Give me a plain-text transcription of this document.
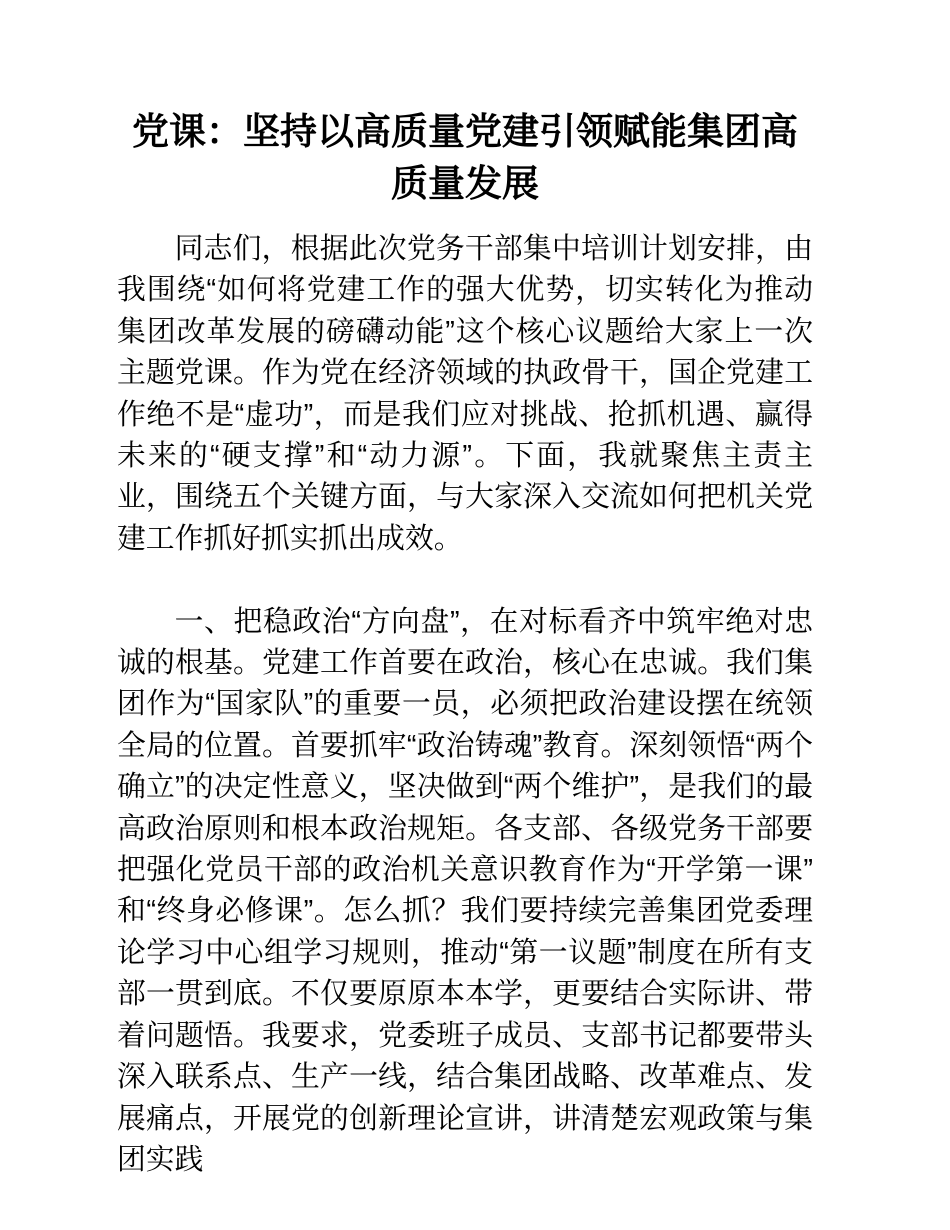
党课：坚持以高质量党建引领赋能集团高质量发展

同志们，根据此次党务干部集中培训计划安排，由我围绕“如何将党建工作的强大优势，切实转化为推动集团改革发展的磅礴动能”这个核心议题给大家上一次主题党课。作为党在经济领域的执政骨干，国企党建工作绝不是“虚功”，而是我们应对挑战、抢抓机遇、赢得未来的“硬支撑”和“动力源”。下面，我就聚焦主责主业，围绕五个关键方面，与大家深入交流如何把机关党建工作抓好抓实抓出成效。

一、把稳政治“方向盘”，在对标看齐中筑牢绝对忠诚的根基。党建工作首要在政治，核心在忠诚。我们集团作为“国家队”的重要一员，必须把政治建设摆在统领全局的位置。首要抓牢“政治铸魂”教育。深刻领悟“两个确立”的决定性意义，坚决做到“两个维护”，是我们的最高政治原则和根本政治规矩。各支部、各级党务干部要把强化党员干部的政治机关意识教育作为“开学第一课”和“终身必修课”。怎么抓？我们要持续完善集团党委理论学习中心组学习规则，推动“第一议题”制度在所有支部一贯到底。不仅要原原本本学，更要结合实际讲、带着问题悟。我要求，党委班子成员、支部书记都要带头深入联系点、生产一线，结合集团战略、改革难点、发展痛点，开展党的创新理论宣讲，讲清楚宏观政策与集团实践
